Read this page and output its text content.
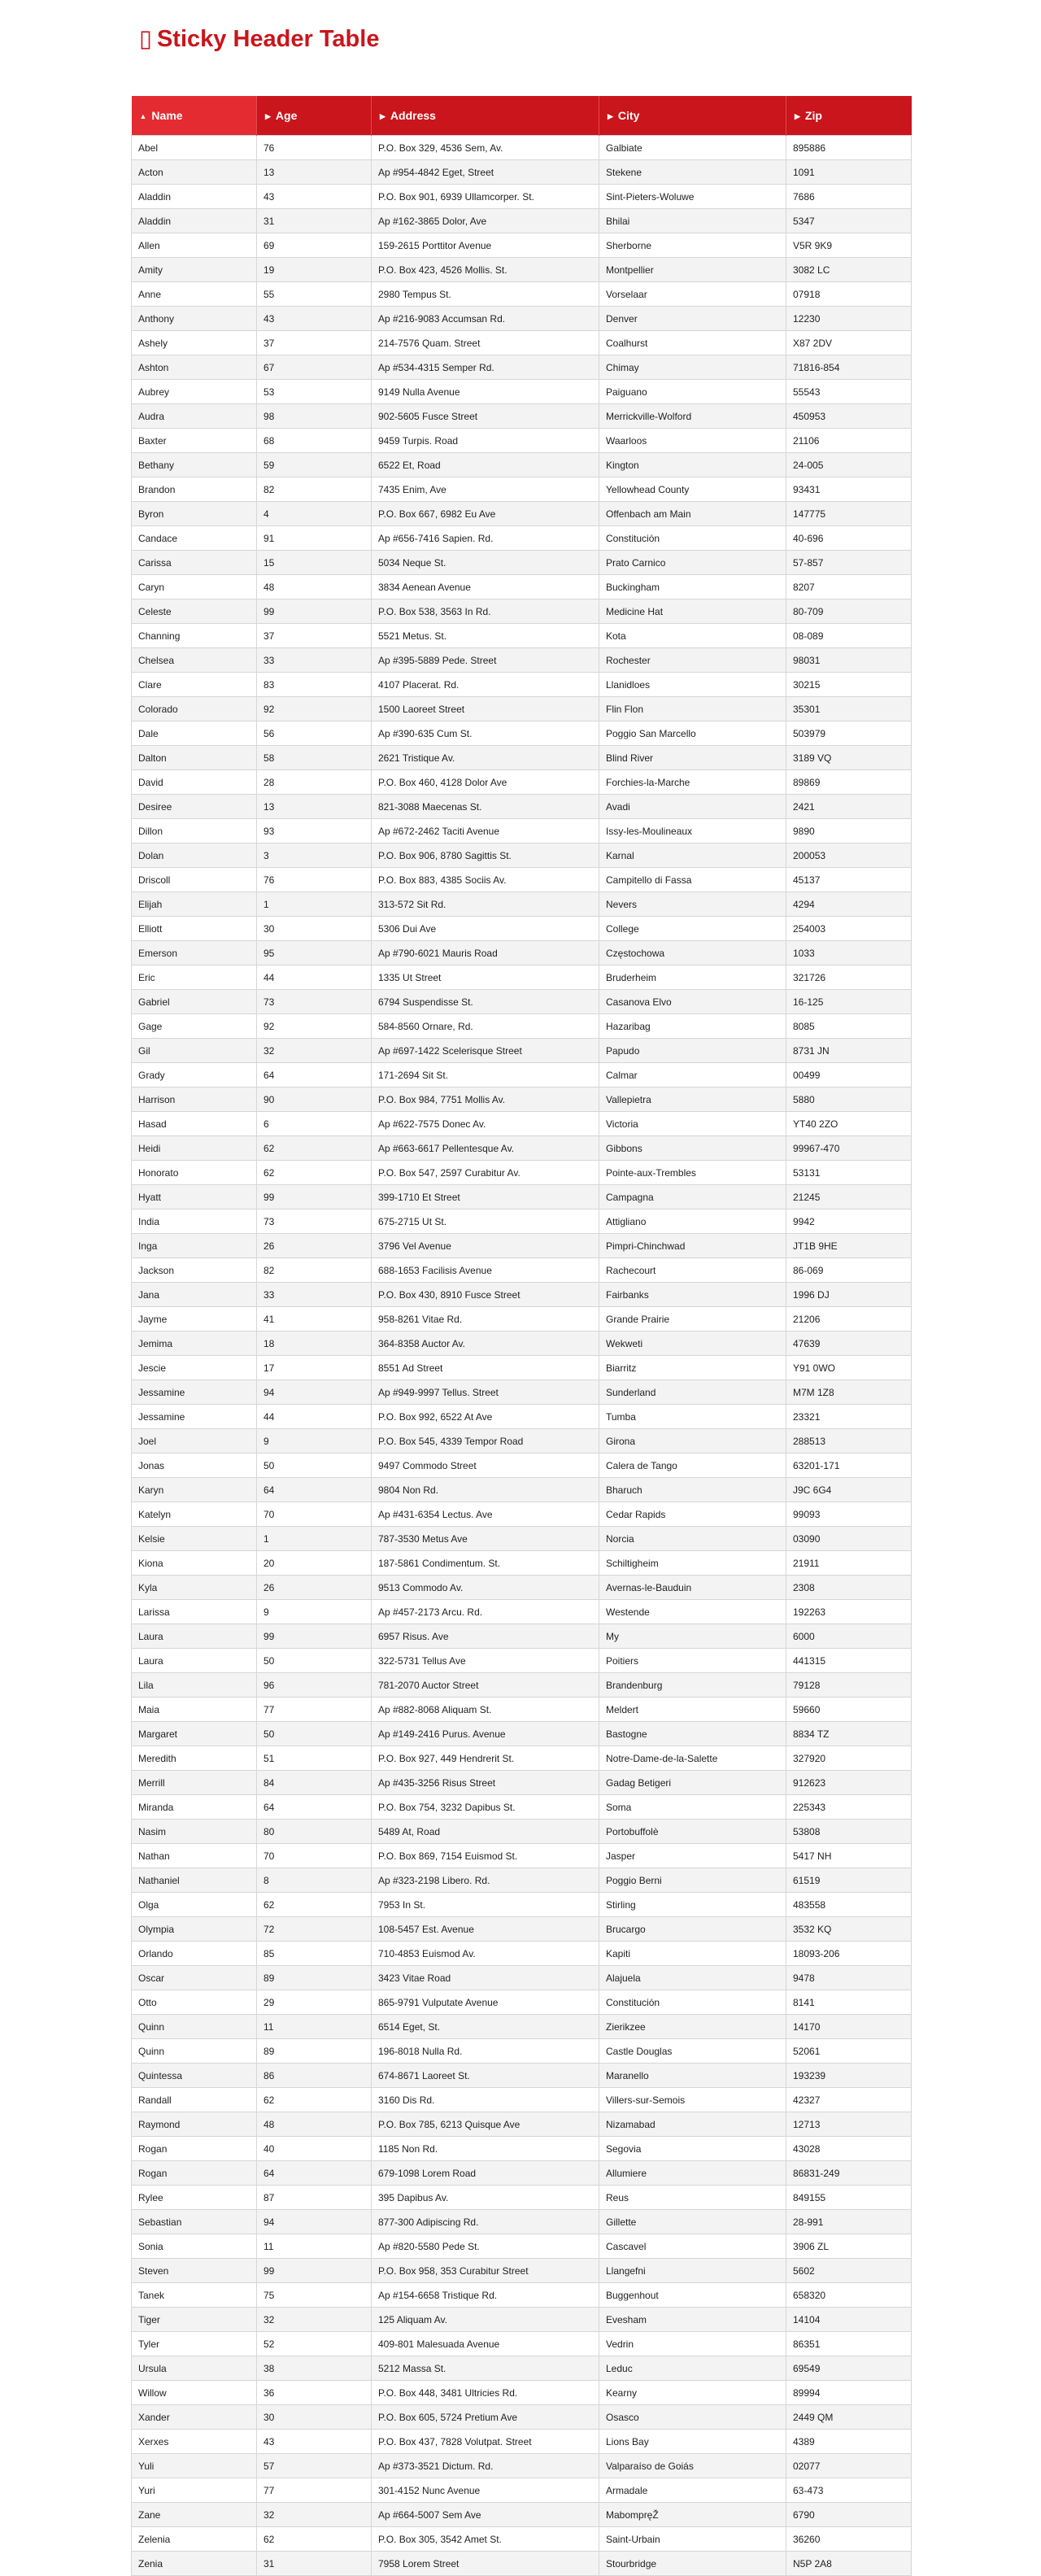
▯ Sticky Header Table
▲ Name	▶ Age	▶ Address	▶ City	▶ Zip
Abel	76	P.O. Box 329, 4536 Sem, Av.	Galbiate	895886
Acton	13	Ap #954-4842 Eget, Street	Stekene	1091
Aladdin	43	P.O. Box 901, 6939 Ullamcorper. St.	Sint-Pieters-Woluwe	7686
Aladdin	31	Ap #162-3865 Dolor, Ave	Bhilai	5347
Allen	69	159-2615 Porttitor Avenue	Sherborne	V5R 9K9
Amity	19	P.O. Box 423, 4526 Mollis. St.	Montpellier	3082 LC
Anne	55	2980 Tempus St.	Vorselaar	07918
Anthony	43	Ap #216-9083 Accumsan Rd.	Denver	12230
Ashely	37	214-7576 Quam. Street	Coalhurst	X87 2DV
Ashton	67	Ap #534-4315 Semper Rd.	Chimay	71816-854
Aubrey	53	9149 Nulla Avenue	Paiguano	55543
Audra	98	902-5605 Fusce Street	Merrickville-Wolford	450953
Baxter	68	9459 Turpis. Road	Waarloos	21106
Bethany	59	6522 Et, Road	Kington	24-005
Brandon	82	7435 Enim, Ave	Yellowhead County	93431
Byron	4	P.O. Box 667, 6982 Eu Ave	Offenbach am Main	147775
Candace	91	Ap #656-7416 Sapien. Rd.	Constitución	40-696
Carissa	15	5034 Neque St.	Prato Carnico	57-857
Caryn	48	3834 Aenean Avenue	Buckingham	8207
Celeste	99	P.O. Box 538, 3563 In Rd.	Medicine Hat	80-709
Channing	37	5521 Metus. St.	Kota	08-089
Chelsea	33	Ap #395-5889 Pede. Street	Rochester	98031
Clare	83	4107 Placerat. Rd.	Llanidloes	30215
Colorado	92	1500 Laoreet Street	Flin Flon	35301
Dale	56	Ap #390-635 Cum St.	Poggio San Marcello	503979
Dalton	58	2621 Tristique Av.	Blind River	3189 VQ
David	28	P.O. Box 460, 4128 Dolor Ave	Forchies-la-Marche	89869
Desiree	13	821-3088 Maecenas St.	Avadi	2421
Dillon	93	Ap #672-2462 Taciti Avenue	Issy-les-Moulineaux	9890
Dolan	3	P.O. Box 906, 8780 Sagittis St.	Karnal	200053
Driscoll	76	P.O. Box 883, 4385 Sociis Av.	Campitello di Fassa	45137
Elijah	1	313-572 Sit Rd.	Nevers	4294
Elliott	30	5306 Dui Ave	College	254003
Emerson	95	Ap #790-6021 Mauris Road	Częstochowa	1033
Eric	44	1335 Ut Street	Bruderheim	321726
Gabriel	73	6794 Suspendisse St.	Casanova Elvo	16-125
Gage	92	584-8560 Ornare, Rd.	Hazaribag	8085
Gil	32	Ap #697-1422 Scelerisque Street	Papudo	8731 JN
Grady	64	171-2694 Sit St.	Calmar	00499
Harrison	90	P.O. Box 984, 7751 Mollis Av.	Vallepietra	5880
Hasad	6	Ap #622-7575 Donec Av.	Victoria	YT40 2ZO
Heidi	62	Ap #663-6617 Pellentesque Av.	Gibbons	99967-470
Honorato	62	P.O. Box 547, 2597 Curabitur Av.	Pointe-aux-Trembles	53131
Hyatt	99	399-1710 Et Street	Campagna	21245
India	73	675-2715 Ut St.	Attigliano	9942
Inga	26	3796 Vel Avenue	Pimpri-Chinchwad	JT1B 9HE
Jackson	82	688-1653 Facilisis Avenue	Rachecourt	86-069
Jana	33	P.O. Box 430, 8910 Fusce Street	Fairbanks	1996 DJ
Jayme	41	958-8261 Vitae Rd.	Grande Prairie	21206
Jemima	18	364-8358 Auctor Av.	Wekweti	47639
Jescie	17	8551 Ad Street	Biarritz	Y91 0WO
Jessamine	94	Ap #949-9997 Tellus. Street	Sunderland	M7M 1Z8
Jessamine	44	P.O. Box 992, 6522 At Ave	Tumba	23321
Joel	9	P.O. Box 545, 4339 Tempor Road	Girona	288513
Jonas	50	9497 Commodo Street	Calera de Tango	63201-171
Karyn	64	9804 Non Rd.	Bharuch	J9C 6G4
Katelyn	70	Ap #431-6354 Lectus. Ave	Cedar Rapids	99093
Kelsie	1	787-3530 Metus Ave	Norcia	03090
Kiona	20	187-5861 Condimentum. St.	Schiltigheim	21911
Kyla	26	9513 Commodo Av.	Avernas-le-Bauduin	2308
Larissa	9	Ap #457-2173 Arcu. Rd.	Westende	192263
Laura	99	6957 Risus. Ave	My	6000
Laura	50	322-5731 Tellus Ave	Poitiers	441315
Lila	96	781-2070 Auctor Street	Brandenburg	79128
Maia	77	Ap #882-8068 Aliquam St.	Meldert	59660
Margaret	50	Ap #149-2416 Purus. Avenue	Bastogne	8834 TZ
Meredith	51	P.O. Box 927, 449 Hendrerit St.	Notre-Dame-de-la-Salette	327920
Merrill	84	Ap #435-3256 Risus Street	Gadag Betigeri	912623
Miranda	64	P.O. Box 754, 3232 Dapibus St.	Soma	225343
Nasim	80	5489 At, Road	Portobuffolè	53808
Nathan	70	P.O. Box 869, 7154 Euismod St.	Jasper	5417 NH
Nathaniel	8	Ap #323-2198 Libero. Rd.	Poggio Berni	61519
Olga	62	7953 In St.	Stirling	483558
Olympia	72	108-5457 Est. Avenue	Brucargo	3532 KQ
Orlando	85	710-4853 Euismod Av.	Kapiti	18093-206
Oscar	89	3423 Vitae Road	Alajuela	9478
Otto	29	865-9791 Vulputate Avenue	Constitución	8141
Quinn	11	6514 Eget, St.	Zierikzee	14170
Quinn	89	196-8018 Nulla Rd.	Castle Douglas	52061
Quintessa	86	674-8671 Laoreet St.	Maranello	193239
Randall	62	3160 Dis Rd.	Villers-sur-Semois	42327
Raymond	48	P.O. Box 785, 6213 Quisque Ave	Nizamabad	12713
Rogan	40	1185 Non Rd.	Segovia	43028
Rogan	64	679-1098 Lorem Road	Allumiere	86831-249
Rylee	87	395 Dapibus Av.	Reus	849155
Sebastian	94	877-300 Adipiscing Rd.	Gillette	28-991
Sonia	11	Ap #820-5580 Pede St.	Cascavel	3906 ZL
Steven	99	P.O. Box 958, 353 Curabitur Street	Llangefni	5602
Tanek	75	Ap #154-6658 Tristique Rd.	Buggenhout	658320
Tiger	32	125 Aliquam Av.	Evesham	14104
Tyler	52	409-801 Malesuada Avenue	Vedrin	86351
Ursula	38	5212 Massa St.	Leduc	69549
Willow	36	P.O. Box 448, 3481 Ultricies Rd.	Kearny	89994
Xander	30	P.O. Box 605, 5724 Pretium Ave	Osasco	2449 QM
Xerxes	43	P.O. Box 437, 7828 Volutpat. Street	Lions Bay	4389
Yuli	57	Ap #373-3521 Dictum. Rd.	Valparaíso de Goiás	02077
Yuri	77	301-4152 Nunc Avenue	Armadale	63-473
Zane	32	Ap #664-5007 Sem Ave	MabompręŽ	6790
Zelenia	62	P.O. Box 305, 3542 Amet St.	Saint-Urbain	36260
Zenia	31	7958 Lorem Street	Stourbridge	N5P 2A8
